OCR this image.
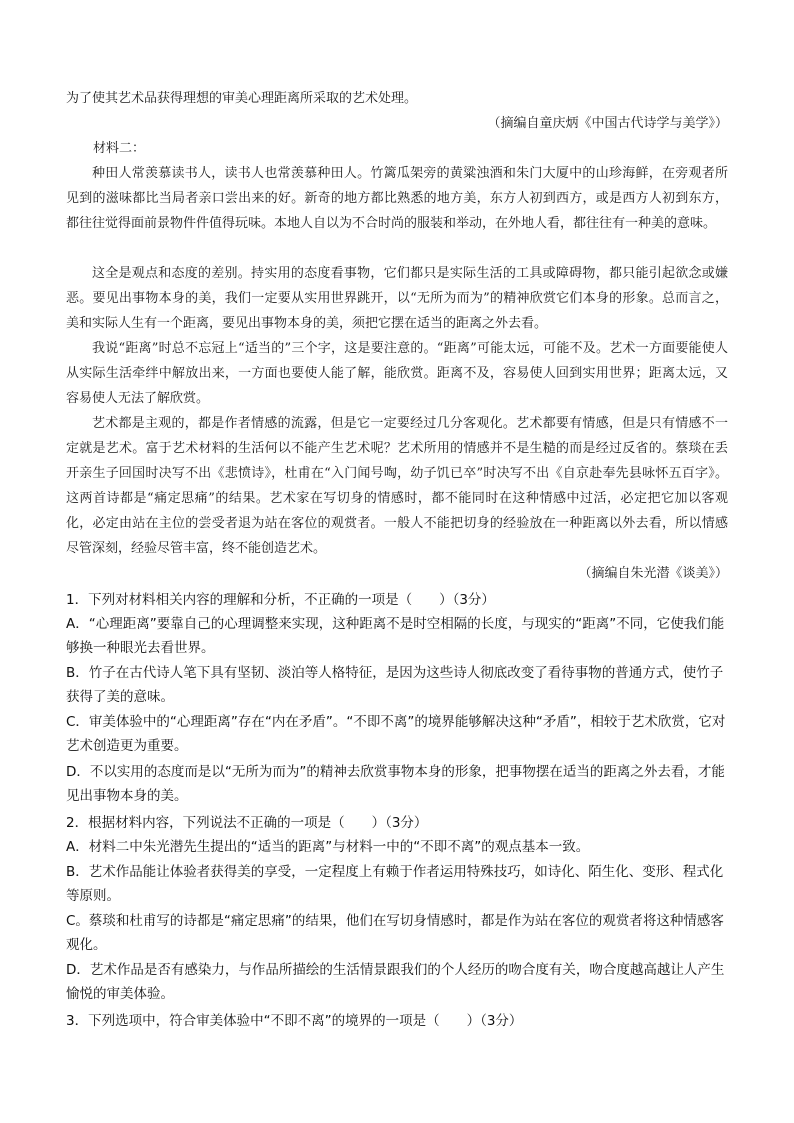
为了使其艺术品获得理想的审美心理距离所采取的艺术处理。

（摘编自童庆炳《中国古代诗学与美学》）
材料二：

种田人常羡慕读书人，读书人也常羡慕种田人。竹篱瓜架旁的黄粱浊酒和朱门大厦中的山珍海鲜，在旁观者所见到的滋味都比当局者亲口尝出来的好。新奇的地方都比熟悉的地方美，东方人初到西方，或是西方人初到东方，都往往觉得面前景物件件值得玩味。本地人自以为不合时尚的服装和举动，在外地人看，都往往有一种美的意味。

这全是观点和态度的差别。持实用的态度看事物，它们都只是实际生活的工具或障碍物，都只能引起欲念或嫌恶。要见出事物本身的美，我们一定要从实用世界跳开，以“无所为而为”的精神欣赏它们本身的形象。总而言之，美和实际人生有一个距离，要见出事物本身的美，须把它摆在适当的距离之外去看。

我说“距离”时总不忘冠上“适当的”三个字，这是要注意的。“距离”可能太远，可能不及。艺术一方面要能使人从实际生活牵绊中解放出来，一方面也要使人能了解，能欣赏。距离不及，容易使人回到实用世界；距离太远，又容易使人无法了解欣赏。

艺术都是主观的，都是作者情感的流露，但是它一定要经过几分客观化。艺术都要有情感，但是只有情感不一定就是艺术。富于艺术材料的生活何以不能产生艺术呢？艺术所用的情感并不是生糙的而是经过反省的。蔡琰在丢开亲生子回国时决写不出《悲愤诗》，杜甫在“入门闻号啕，幼子饥已卒”时决写不出《自京赴奉先县咏怀五百字》。这两首诗都是“痛定思痛”的结果。艺术家在写切身的情感时，都不能同时在这种情感中过活，必定把它加以客观化，必定由站在主位的尝受者退为站在客位的观赏者。一般人不能把切身的经验放在一种距离以外去看，所以情感尽管深刻，经验尽管丰富，终不能创造艺术。

（摘编自朱光潜《谈美》）

1．下列对材料相关内容的理解和分析，不正确的一项是（　　）（3分）

A．“心理距离”要靠自己的心理调整来实现，这种距离不是时空相隔的长度，与现实的“距离”不同，它使我们能够换一种眼光去看世界。

B．竹子在古代诗人笔下具有坚韧、淡泊等人格特征，是因为这些诗人彻底改变了看待事物的普通方式，使竹子获得了美的意味。

C．审美体验中的“心理距离”存在“内在矛盾”。“不即不离”的境界能够解决这种“矛盾”，相较于艺术欣赏，它对艺术创造更为重要。

D．不以实用的态度而是以“无所为而为”的精神去欣赏事物本身的形象，把事物摆在适当的距离之外去看，才能见出事物本身的美。

2．根据材料内容，下列说法不正确的一项是（　　）（3分）

A．材料二中朱光潜先生提出的“适当的距离”与材料一中的“不即不离”的观点基本一致。

B．艺术作品能让体验者获得美的享受，一定程度上有赖于作者运用特殊技巧，如诗化、陌生化、变形、程式化等原则。

C。蔡琰和杜甫写的诗都是“痛定思痛”的结果，他们在写切身情感时，都是作为站在客位的观赏者将这种情感客观化。

D．艺术作品是否有感染力，与作品所描绘的生活情景跟我们的个人经历的吻合度有关，吻合度越高越让人产生愉悦的审美体验。

3．下列选项中，符合审美体验中“不即不离”的境界的一项是（　　）（3分）
